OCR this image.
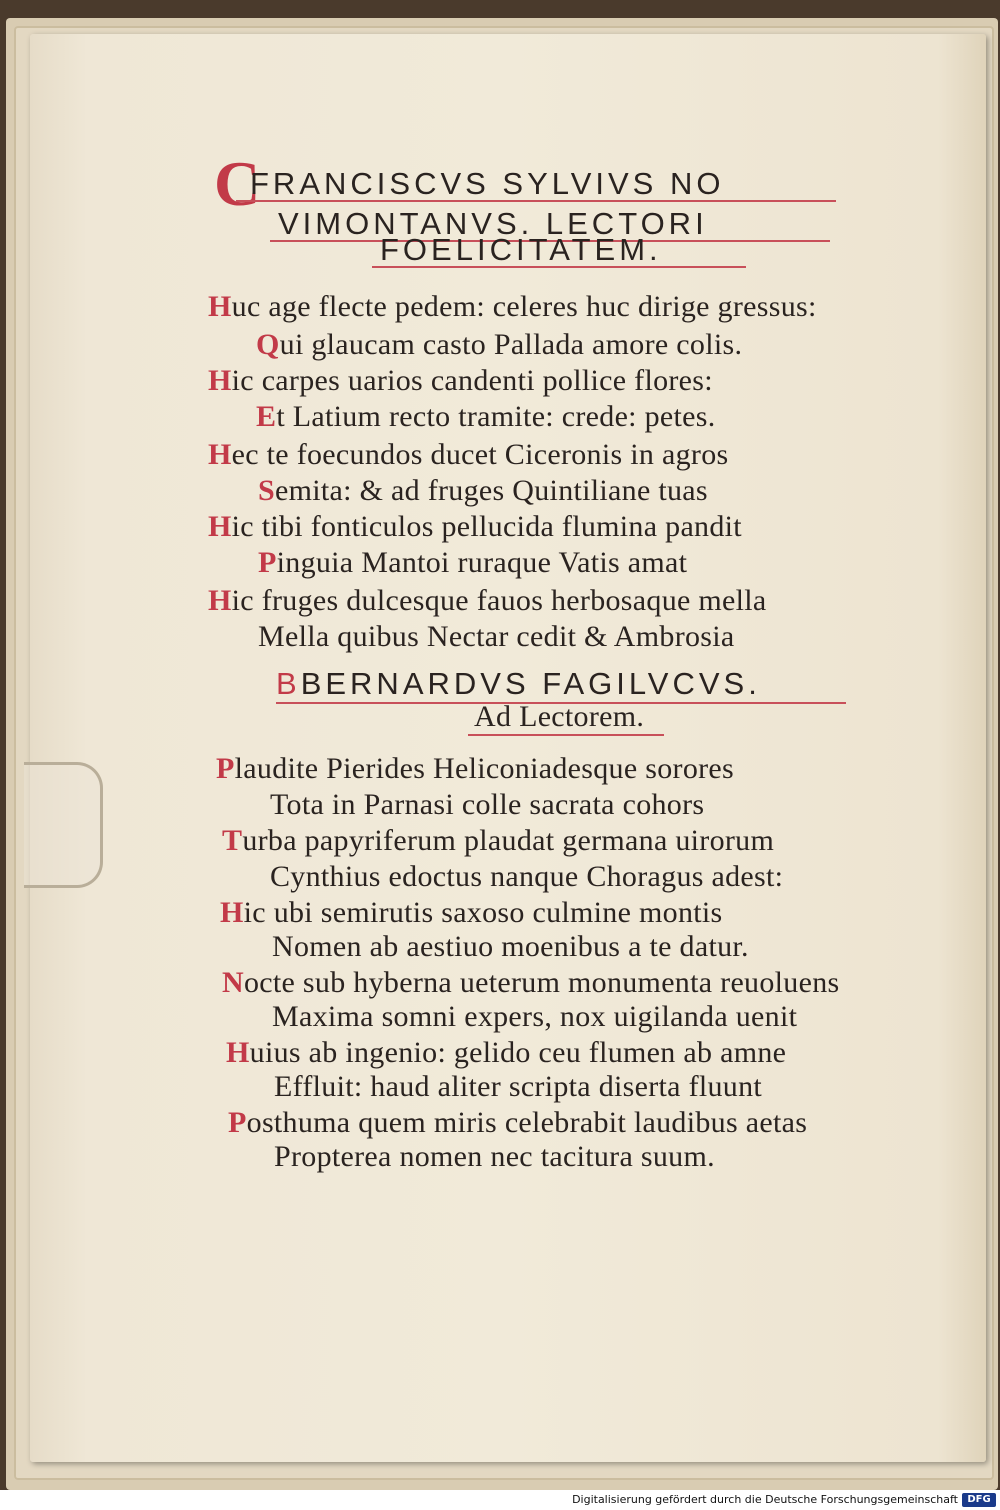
C
FRANCISCVS SYLVIVS NO
VIMONTANVS. LECTORI
FOELICITATEM.
Huc age flecte pedem: celeres huc dirige gressus:
Qui glaucam casto Pallada amore colis.
Hic carpes uarios candenti pollice flores:
Et Latium recto tramite: crede: petes.
Hec te foecundos ducet Ciceronis in agros
Semita: & ad fruges Quintiliane tuas
Hic tibi fonticulos pellucida flumina pandit
Pinguia Mantoi ruraque Vatis amat
Hic fruges dulcesque fauos herbosaque mella
Mella quibus Nectar cedit & Ambrosia
BBERNARDVS FAGILVCVS.
Ad Lectorem.
Plaudite Pierides Heliconiadesque sorores
Tota in Parnasi colle sacrata cohors
Turba papyriferum plaudat germana uirorum
Cynthius edoctus nanque Choragus adest:
Hic ubi semirutis saxoso culmine montis
Nomen ab aestiuo moenibus a te datur.
Nocte sub hyberna ueterum monumenta reuoluens
Maxima somni expers, nox uigilanda uenit
Huius ab ingenio: gelido ceu flumen ab amne
Effluit: haud aliter scripta diserta fluunt
Posthuma quem miris celebrabit laudibus aetas
Propterea nomen nec tacitura suum.
Digitalisierung gefördert durch die Deutsche Forschungsgemeinschaft DFG
